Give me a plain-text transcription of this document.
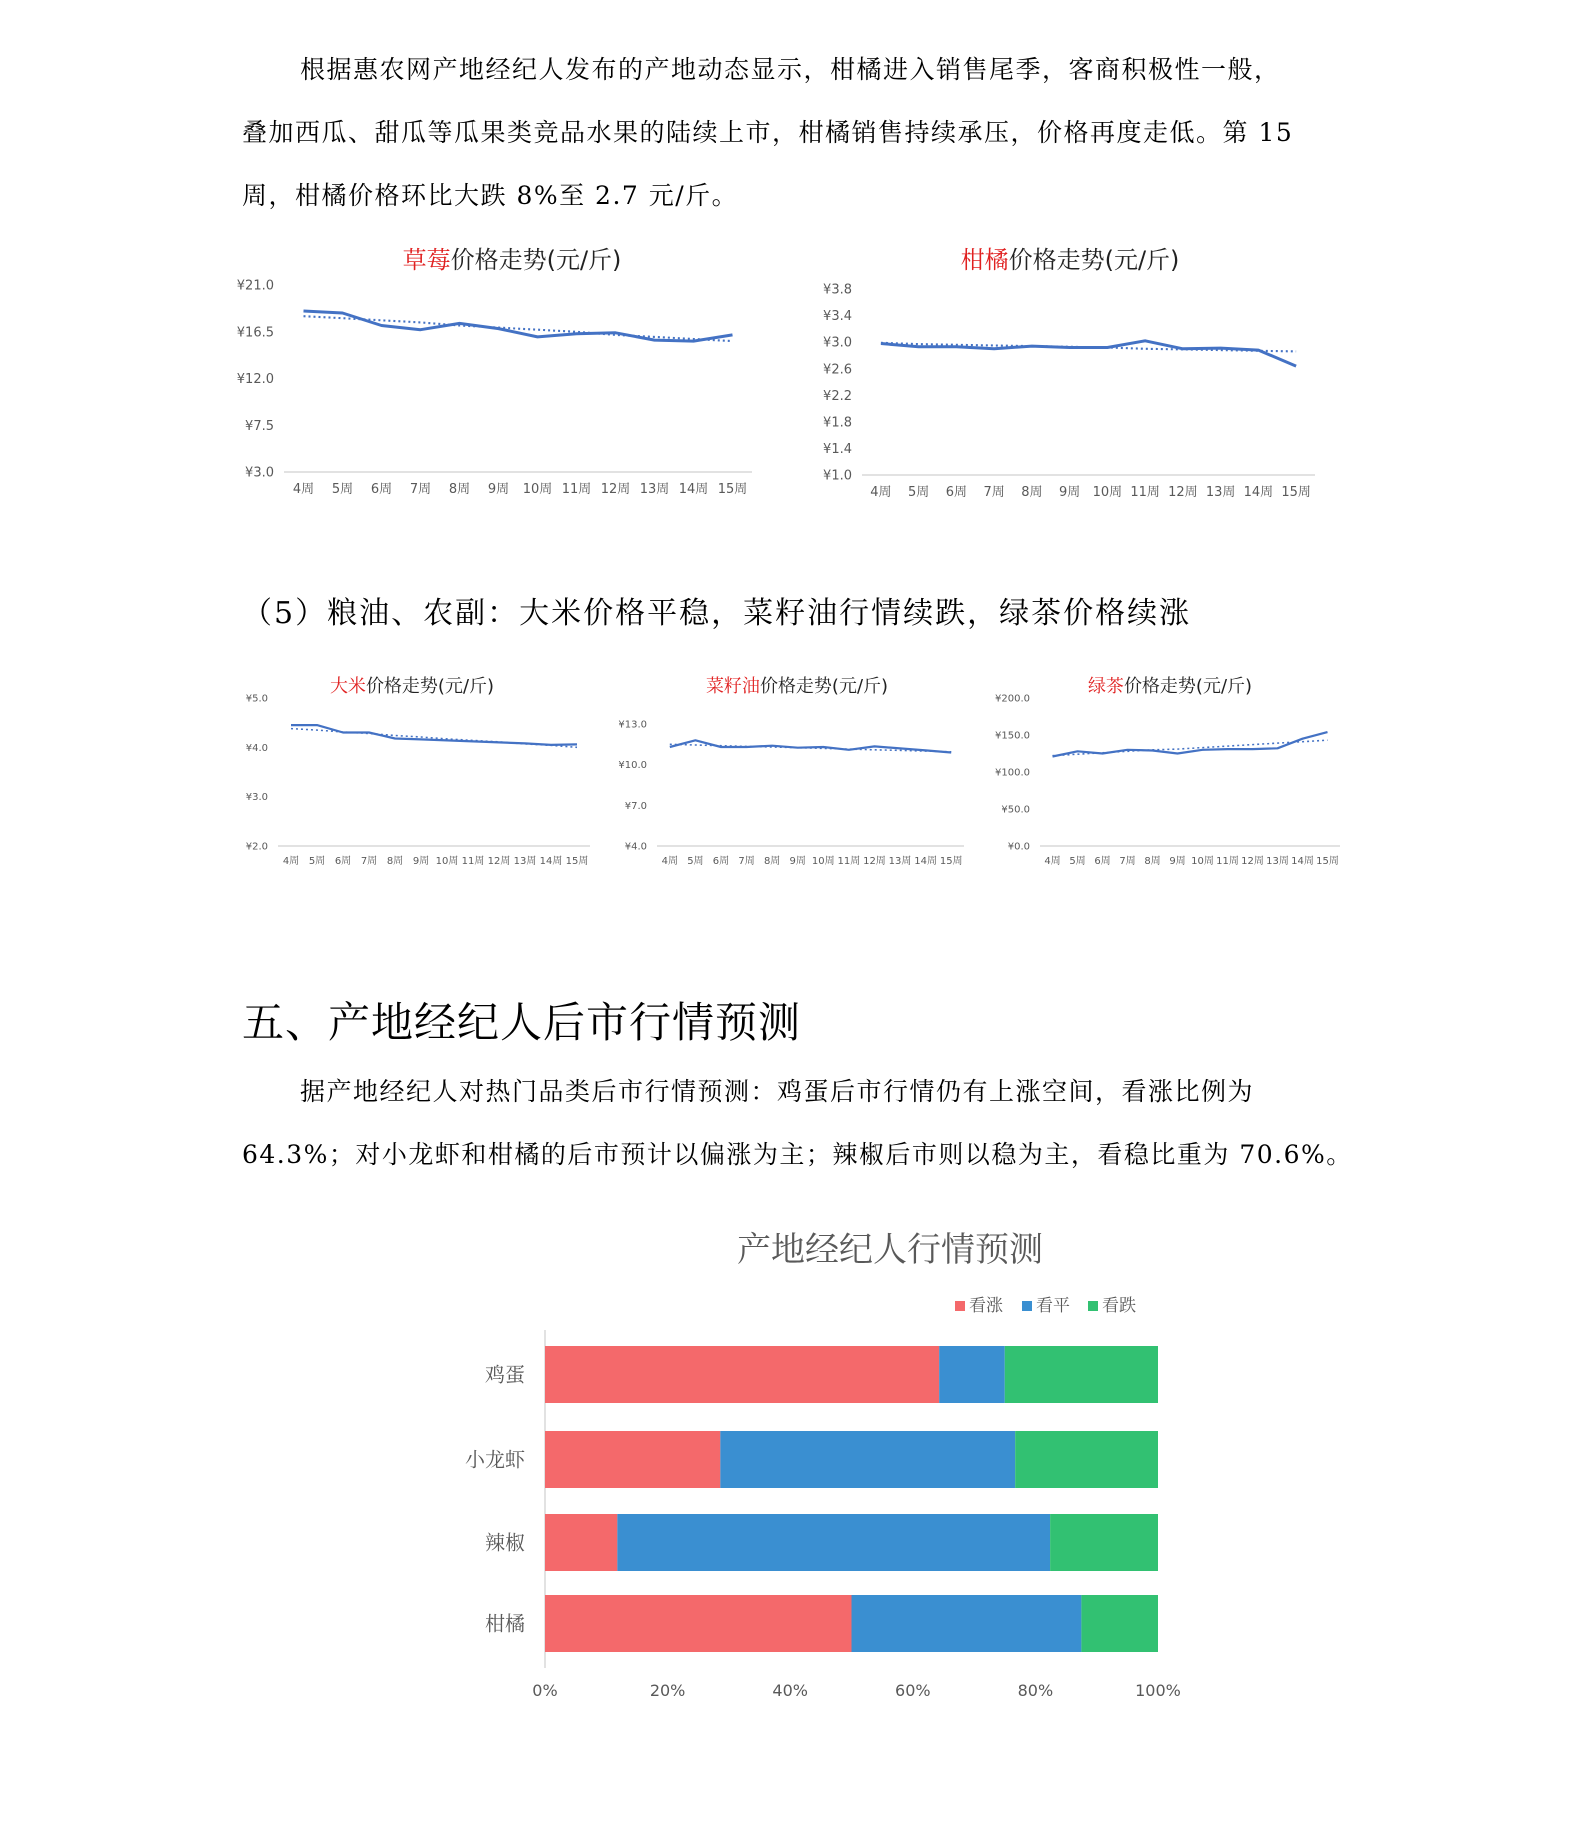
根据惠农网产地经纪人发布的产地动态显示，柑橘进入销售尾季，客商积极性一般，
叠加西瓜、甜瓜等瓜果类竞品水果的陆续上市，柑橘销售持续承压，价格再度走低。第 15
周，柑橘价格环比大跌 8%至 2.7 元/斤。
草莓价格走势(元/斤)
¥21.0
¥16.5
¥12.0
¥7.5
¥3.0
4周 5周 6周 7周 8周 9周 10周 11周 12周 13周 14周 15周
柑橘价格走势(元/斤)
¥3.8
¥3.4
¥3.0
¥2.6
¥2.2
¥1.8
¥1.4
¥1.0
4周 5周 6周 7周 8周 9周 10周 11周 12周 13周 14周 15周
（5）粮油、农副：大米价格平稳，菜籽油行情续跌，绿茶价格续涨
大米价格走势(元/斤)
¥5.0
¥4.0
¥3.0
¥2.0
4周 5周 6周 7周 8周 9周 10周 11周 12周 13周 14周 15周
菜籽油价格走势(元/斤)
¥13.0
¥10.0
¥7.0
¥4.0
4周 5周 6周 7周 8周 9周 10周 11周 12周 13周 14周 15周
绿茶价格走势(元/斤)
¥200.0
¥150.0
¥100.0
¥50.0
¥0.0
4周 5周 6周 7周 8周 9周 10周 11周 12周 13周 14周 15周
五、产地经纪人后市行情预测
据产地经纪人对热门品类后市行情预测：鸡蛋后市行情仍有上涨空间，看涨比例为
64.3%；对小龙虾和柑橘的后市预计以偏涨为主；辣椒后市则以稳为主，看稳比重为 70.6%。
产地经纪人行情预测
看涨 看平 看跌
鸡蛋
小龙虾
辣椒
柑橘
0%	20%	40%	60%	80%	100%
